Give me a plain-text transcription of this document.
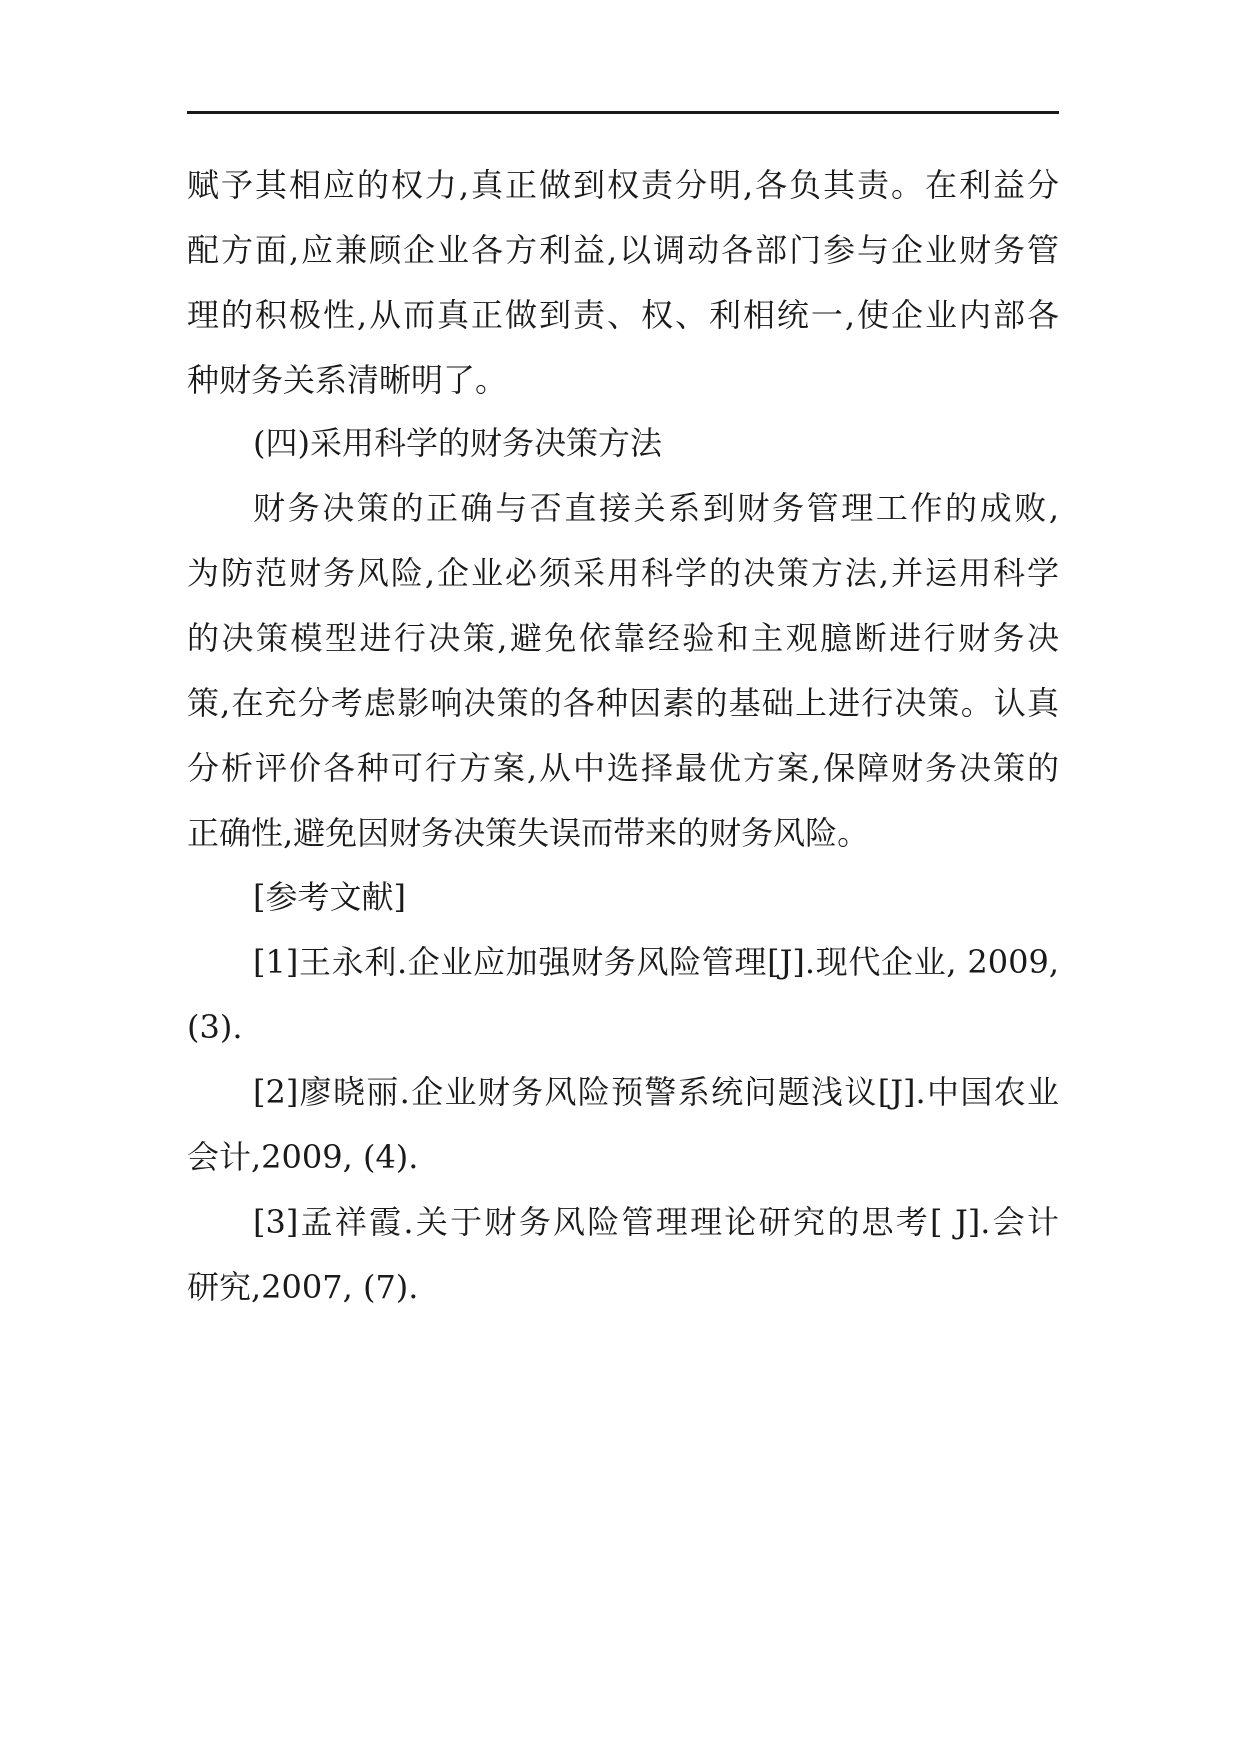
赋予其相应的权力,真正做到权责分明,各负其责。在利益分
配方面,应兼顾企业各方利益,以调动各部门参与企业财务管
理的积极性,从而真正做到责、权、利相统一,使企业内部各
种财务关系清晰明了。
(四)采用科学的财务决策方法
财务决策的正确与否直接关系到财务管理工作的成败,
为防范财务风险,企业必须采用科学的决策方法,并运用科学
的决策模型进行决策,避免依靠经验和主观臆断进行财务决
策,在充分考虑影响决策的各种因素的基础上进行决策。认真
分析评价各种可行方案,从中选择最优方案,保障财务决策的
正确性,避免因财务决策失误而带来的财务风险。
[参考文献]
[1]王永利.企业应加强财务风险管理[J].现代企业, 2009,
(3).
[2]廖晓丽.企业财务风险预警系统问题浅议[J].中国农业
会计,2009, (4).
[3]孟祥霞.关于财务风险管理理论研究的思考[ J].会计
研究,2007, (7).
